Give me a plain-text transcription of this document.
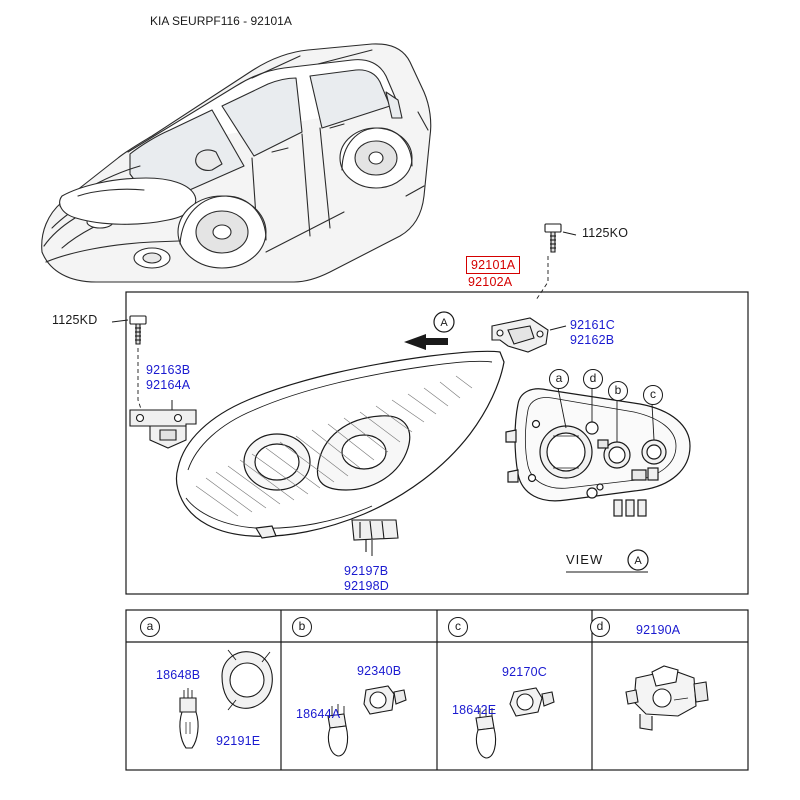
KIA SEURPF116 - 92101A
A
A
1125KO
1125KD
92163B
92164A
92101A
92102A
92161C
92162B
92197B
92198D
a	d
b	c
VIEW
a	b	c	d
18648B
92191E
92340B
18644A
92170C
18642E
92190A
